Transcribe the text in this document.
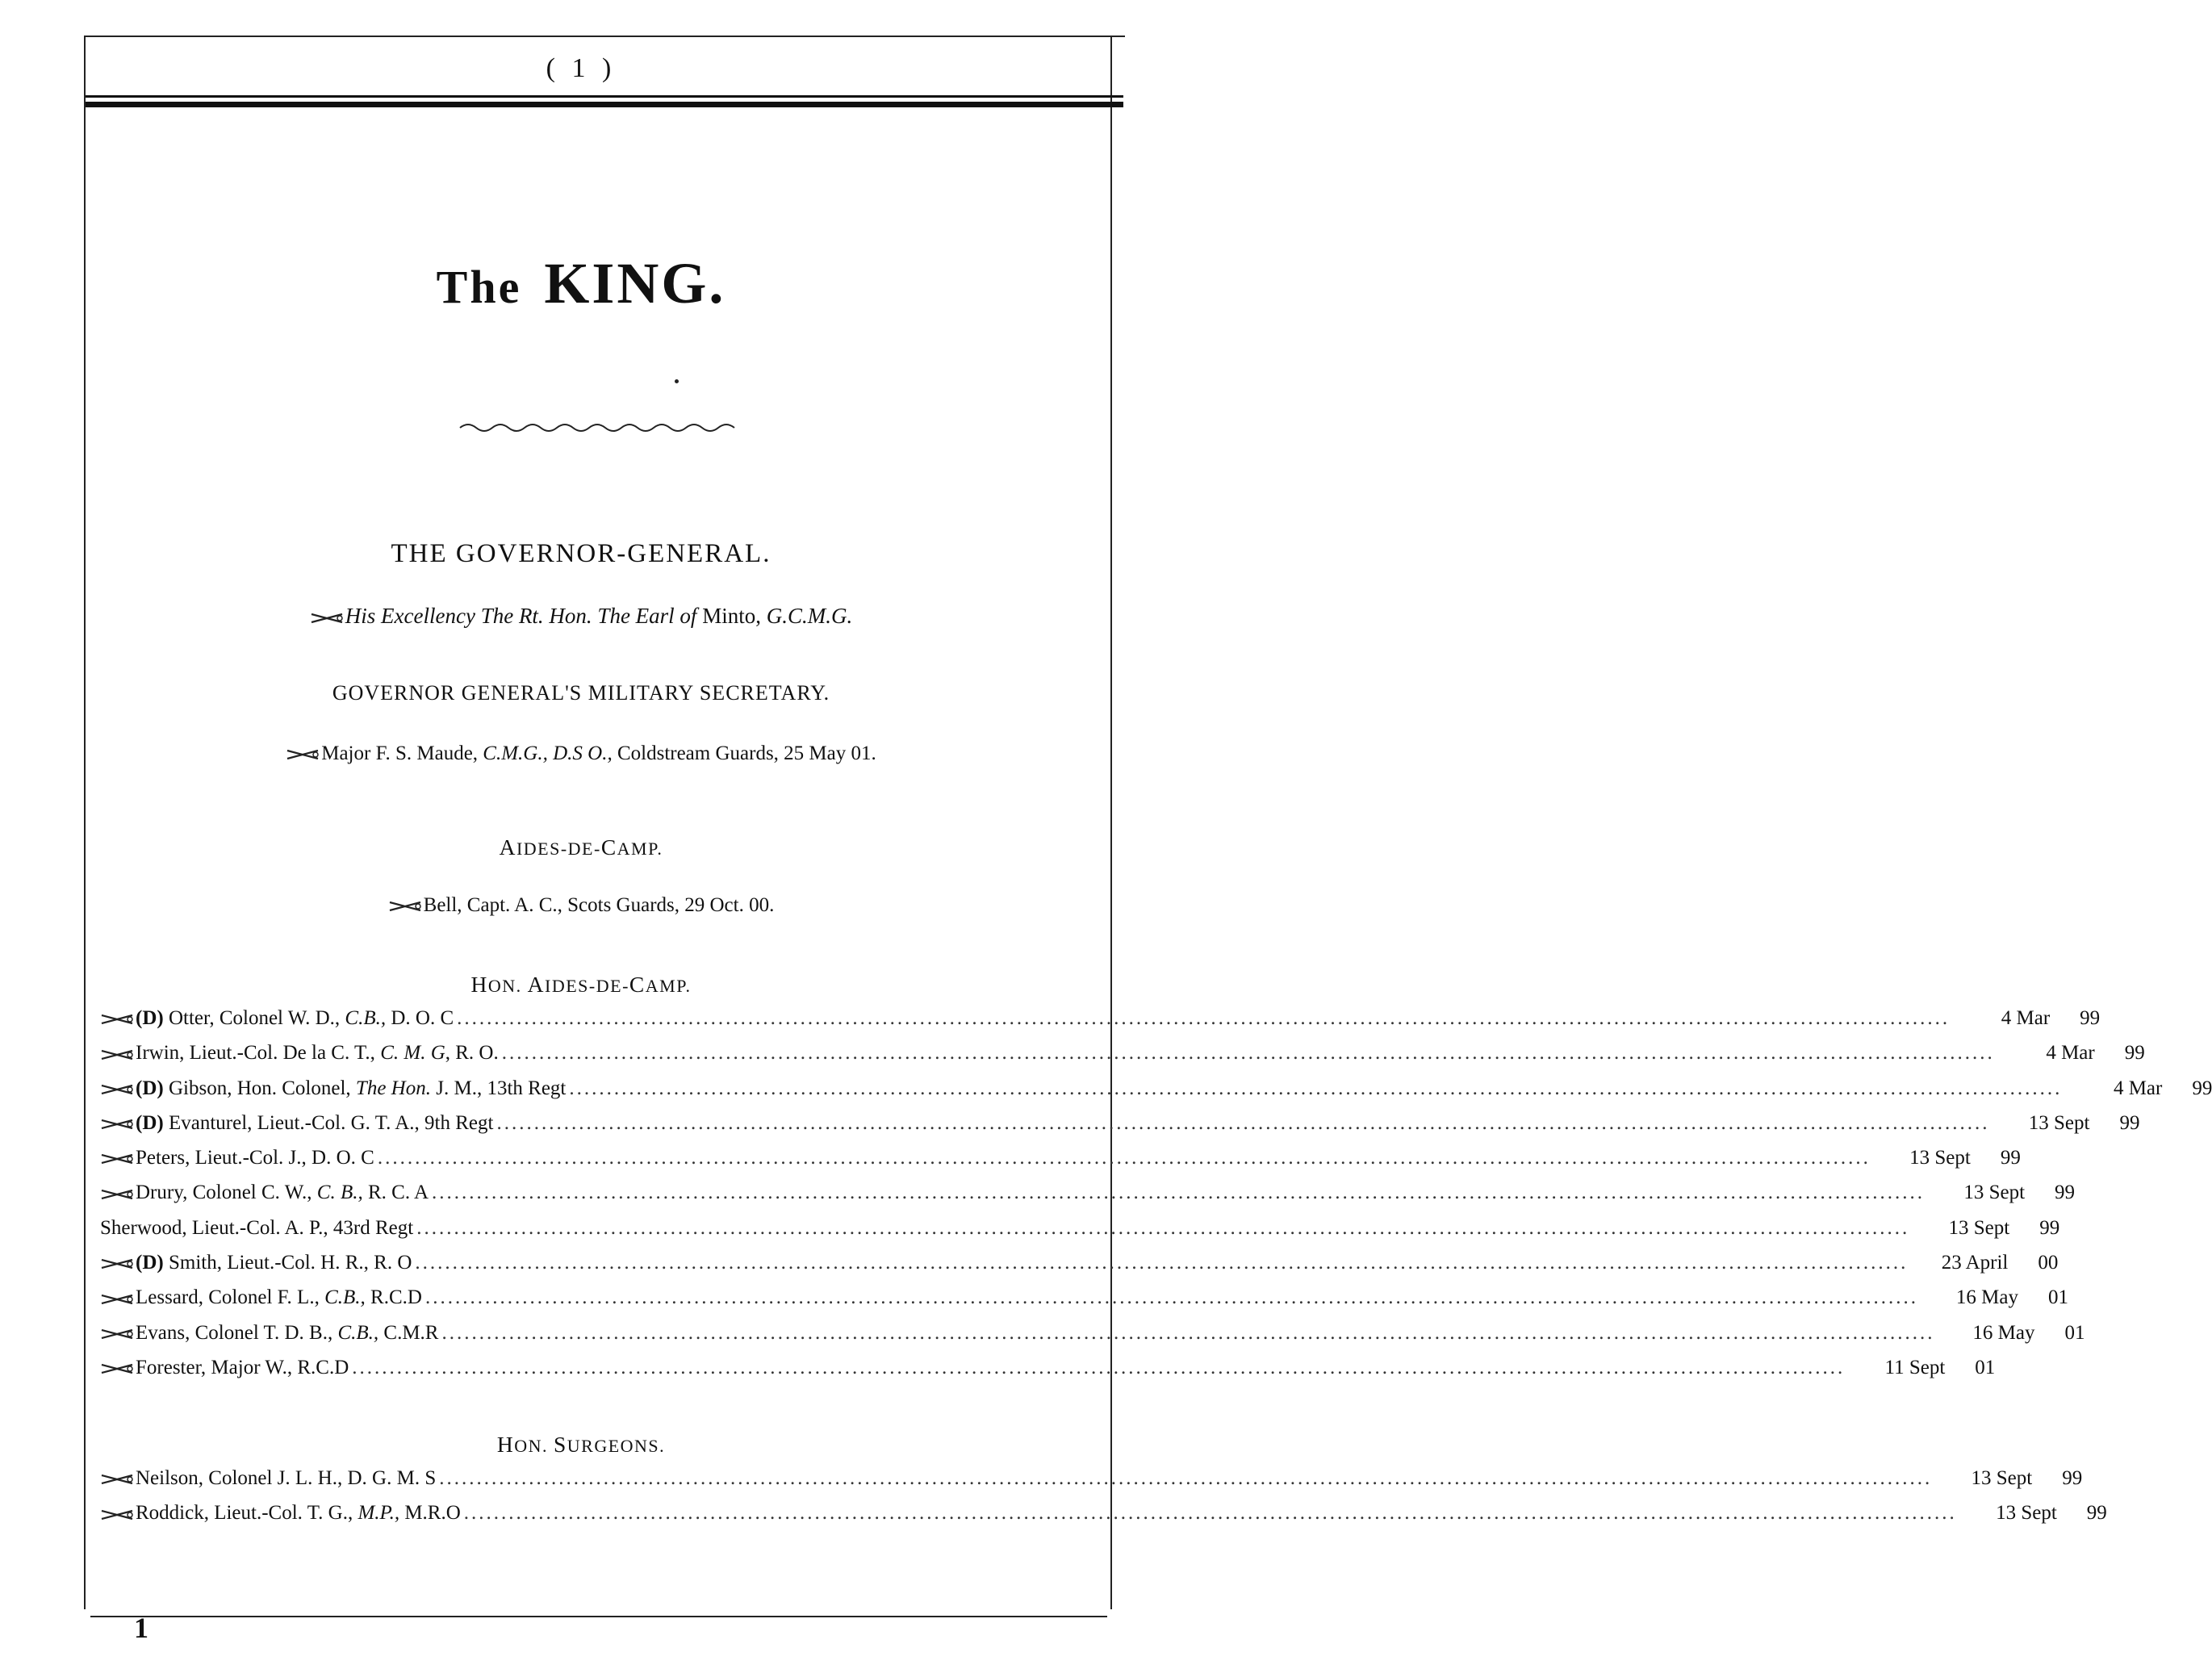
( 1 )
The KING.
THE GOVERNOR-GENERAL.
His Excellency The Rt. Hon. The Earl of Minto, G.C.M.G.
GOVERNOR GENERAL'S MILITARY SECRETARY.
Major F. S. Maude, C.M.G., D.S O., Coldstream Guards, 25 May 01.
AIDES-DE-CAMP.
Bell, Capt. A. C., Scots Guards, 29 Oct. 00.
HON. AIDES-DE-CAMP.
(D) Otter, Colonel W. D., C.B., D. O. C ........................................................................................................................................................................................................	4 Mar	99
Irwin, Lieut.-Col. De la C. T., C. M. G, R. O. ........................................................................................................................................................................................................	4 Mar	99
(D) Gibson, Hon. Colonel, The Hon. J. M., 13th Regt ........................................................................................................................................................................................................	4 Mar	99
(D) Evanturel, Lieut.-Col. G. T. A., 9th Regt ........................................................................................................................................................................................................	13 Sept	99
Peters, Lieut.-Col. J., D. O. C ........................................................................................................................................................................................................	13 Sept	99
Drury, Colonel C. W., C. B., R. C. A ........................................................................................................................................................................................................	13 Sept	99
Sherwood, Lieut.-Col. A. P., 43rd Regt ........................................................................................................................................................................................................	13 Sept	99
(D) Smith, Lieut.-Col. H. R., R. O ........................................................................................................................................................................................................	23 April	00
Lessard, Colonel F. L., C.B., R.C.D ........................................................................................................................................................................................................	16 May	01
Evans, Colonel T. D. B., C.B., C.M.R ........................................................................................................................................................................................................	16 May	01
Forester, Major W., R.C.D ........................................................................................................................................................................................................	11 Sept	01
HON. SURGEONS.
Neilson, Colonel J. L. H., D. G. M. S ........................................................................................................................................................................................................	13 Sept	99
Roddick, Lieut.-Col. T. G., M.P., M.R.O ........................................................................................................................................................................................................	13 Sept	99
1
